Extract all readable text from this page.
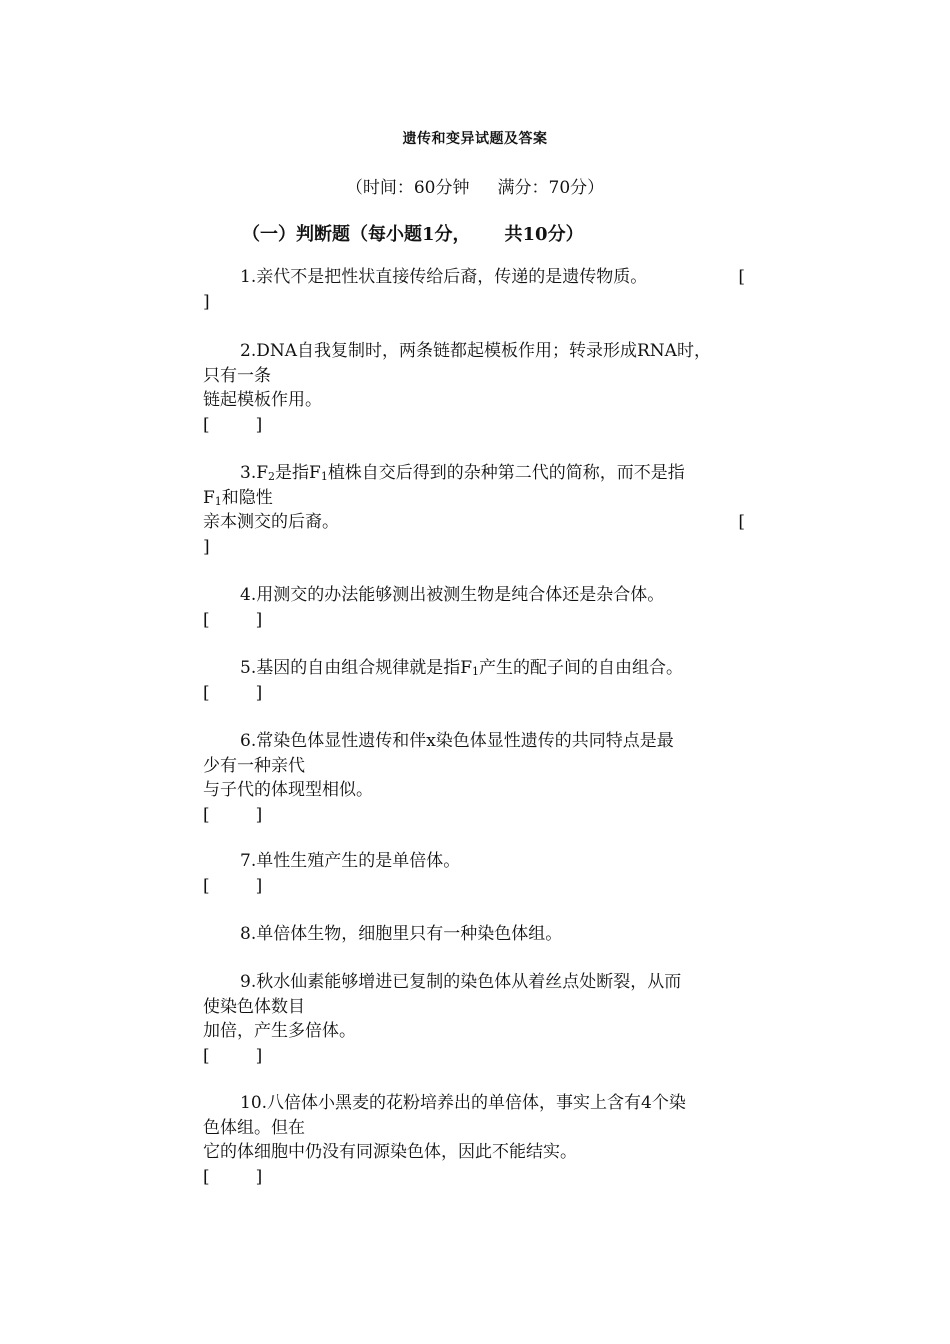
遗传和变异试题及答案
（时间：60分钟 满分：70分）
（一）判断题（每小题1分， 共10分）
1.亲代不是把性状直接传给后裔，传递的是遗传物质。	[
]
2.DNA自我复制时，两条链都起模板作用；转录形成RNA时，
只有一条
链起模板作用。
[	]
$3.F_2$是指$F_1$植株自交后得到的杂种第二代的简称，而不是指
$F_1$和隐性
亲本测交的后裔。	[
]
4.用测交的办法能够测出被测生物是纯合体还是杂合体。
[	]
5.基因的自由组合规律就是指$F_1$产生的配子间的自由组合。
[	]
6.常染色体显性遗传和伴x染色体显性遗传的共同特点是最
少有一种亲代
与子代的体现型相似。
[	]
7.单性生殖产生的是单倍体。
[	]
8.单倍体生物，细胞里只有一种染色体组。
9.秋水仙素能够增进已复制的染色体从着丝点处断裂，从而
使染色体数目
加倍，产生多倍体。
[	]
10.八倍体小黑麦的花粉培养出的单倍体，事实上含有4个染
色体组。但在
它的体细胞中仍没有同源染色体，因此不能结实。
[	]
